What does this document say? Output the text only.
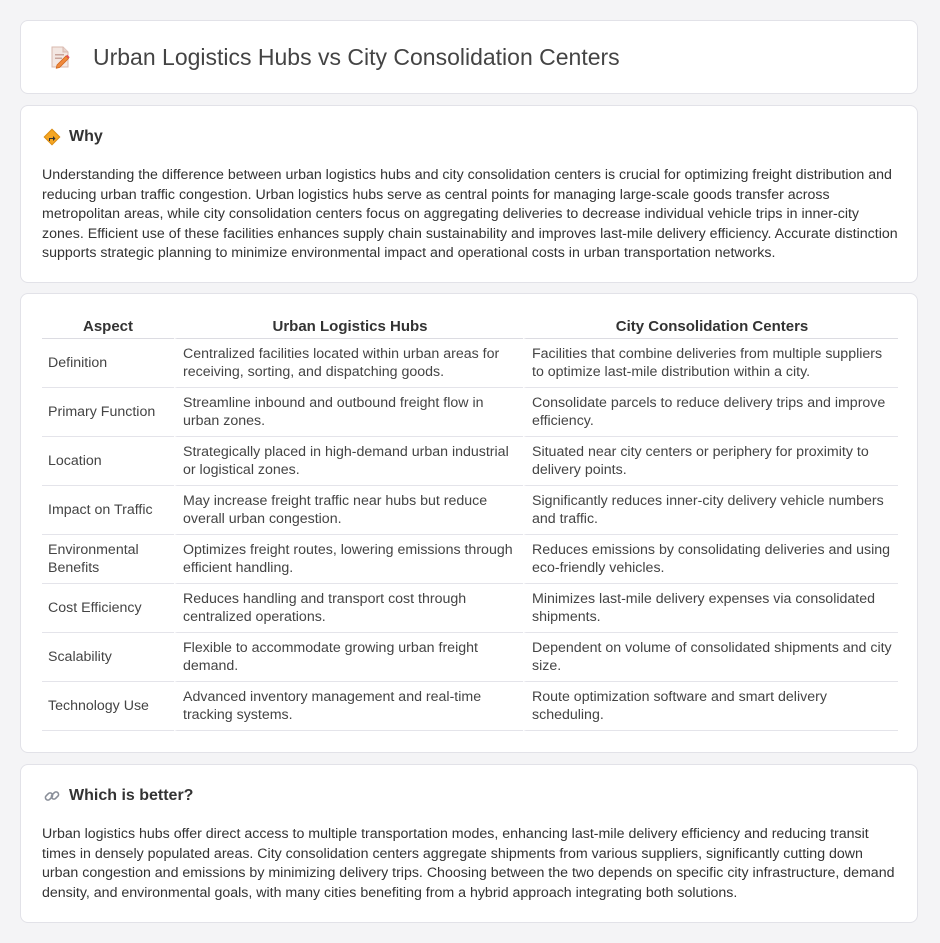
Urban Logistics Hubs vs City Consolidation Centers
Why

Understanding the difference between urban logistics hubs and city consolidation centers is crucial for optimizing freight distribution and reducing urban traffic congestion. Urban logistics hubs serve as central points for managing large-scale goods transfer across metropolitan areas, while city consolidation centers focus on aggregating deliveries to decrease individual vehicle trips in inner-city zones. Efficient use of these facilities enhances supply chain sustainability and improves last-mile delivery efficiency. Accurate distinction supports strategic planning to minimize environmental impact and operational costs in urban transportation networks.

Aspect	Urban Logistics Hubs	City Consolidation Centers
Definition	Centralized facilities located within urban areas for receiving, sorting, and dispatching goods.	Facilities that combine deliveries from multiple suppliers to optimize last-mile distribution within a city.
Primary Function	Streamline inbound and outbound freight flow in urban zones.	Consolidate parcels to reduce delivery trips and improve efficiency.
Location	Strategically placed in high-demand urban industrial or logistical zones.	Situated near city centers or periphery for proximity to delivery points.
Impact on Traffic	May increase freight traffic near hubs but reduce overall urban congestion.	Significantly reduces inner-city delivery vehicle numbers and traffic.
Environmental Benefits	Optimizes freight routes, lowering emissions through efficient handling.	Reduces emissions by consolidating deliveries and using eco-friendly vehicles.
Cost Efficiency	Reduces handling and transport cost through centralized operations.	Minimizes last-mile delivery expenses via consolidated shipments.
Scalability	Flexible to accommodate growing urban freight demand.	Dependent on volume of consolidated shipments and city size.
Technology Use	Advanced inventory management and real-time tracking systems.	Route optimization software and smart delivery scheduling.
Which is better?

Urban logistics hubs offer direct access to multiple transportation modes, enhancing last-mile delivery efficiency and reducing transit times in densely populated areas. City consolidation centers aggregate shipments from various suppliers, significantly cutting down urban congestion and emissions by minimizing delivery trips. Choosing between the two depends on specific city infrastructure, demand density, and environmental goals, with many cities benefiting from a hybrid approach integrating both solutions.
